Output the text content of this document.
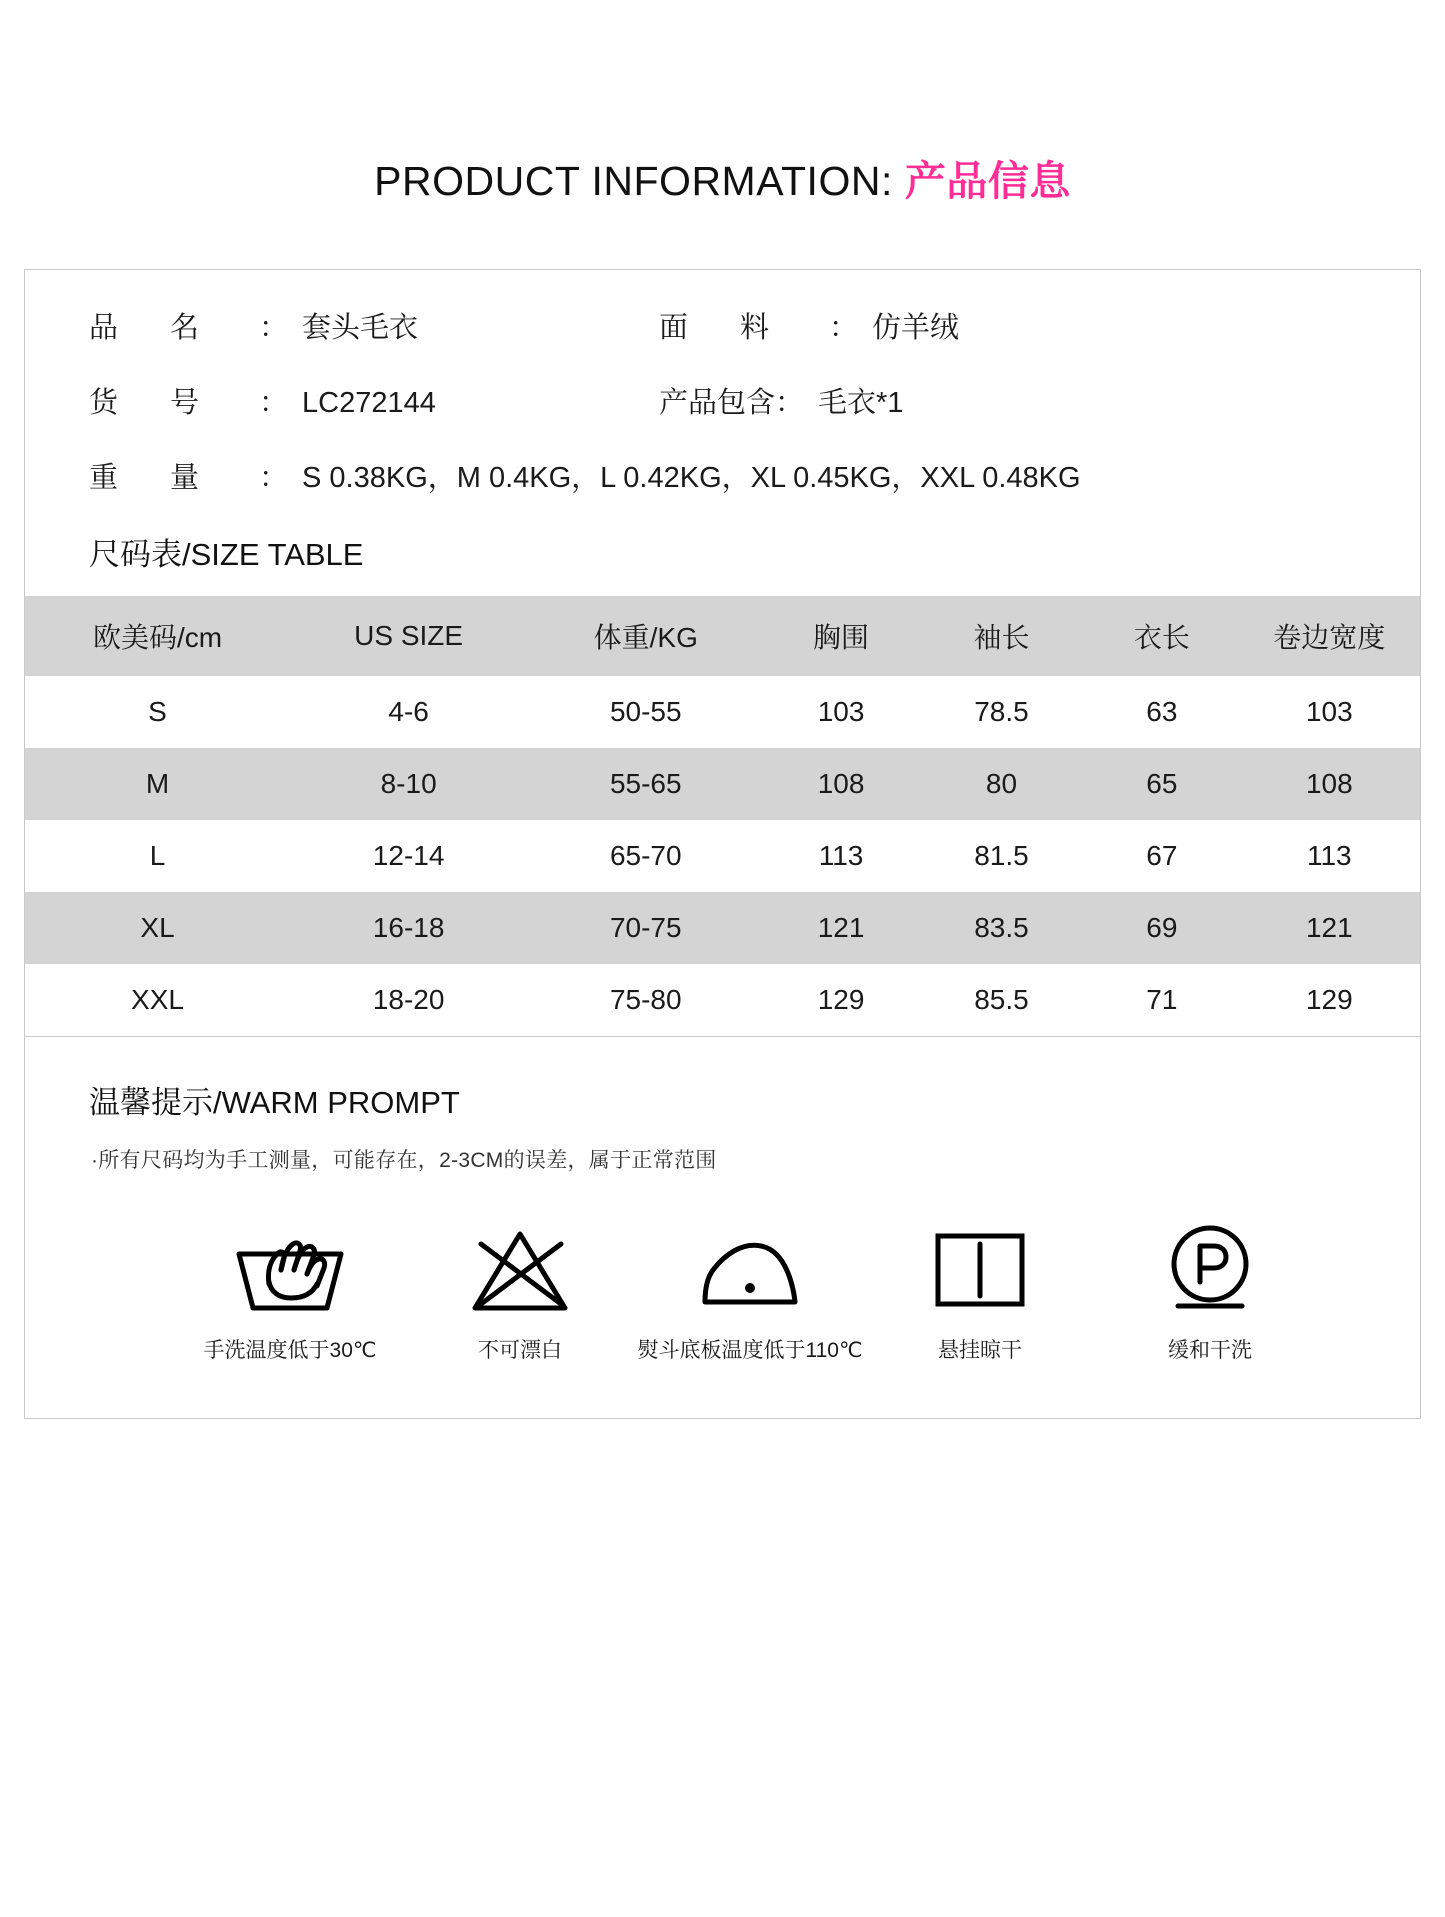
PRODUCT INFORMATION: 产品信息
品名 ： 套头毛衣	面料 ： 仿羊绒
货号 ： LC272144	产品包含 ： 毛衣*1
重量 ： S 0.38KG，M 0.4KG，L 0.42KG，XL 0.45KG，XXL 0.48KG
尺码表/SIZE TABLE
欧美码/cm	US SIZE	体重/KG	胸围	袖长	衣长	卷边宽度
S	4-6	50-55	103	78.5	63	103
M	8-10	55-65	108	80	65	108
L	12-14	65-70	113	81.5	67	113
XL	16-18	70-75	121	83.5	69	121
XXL	18-20	75-80	129	85.5	71	129
温馨提示/WARM PROMPT
·所有尺码均为手工测量，可能存在，2-3CM的误差，属于正常范围
手洗温度低于30℃	不可漂白	熨斗底板温度低于110℃	悬挂晾干	缓和干洗
